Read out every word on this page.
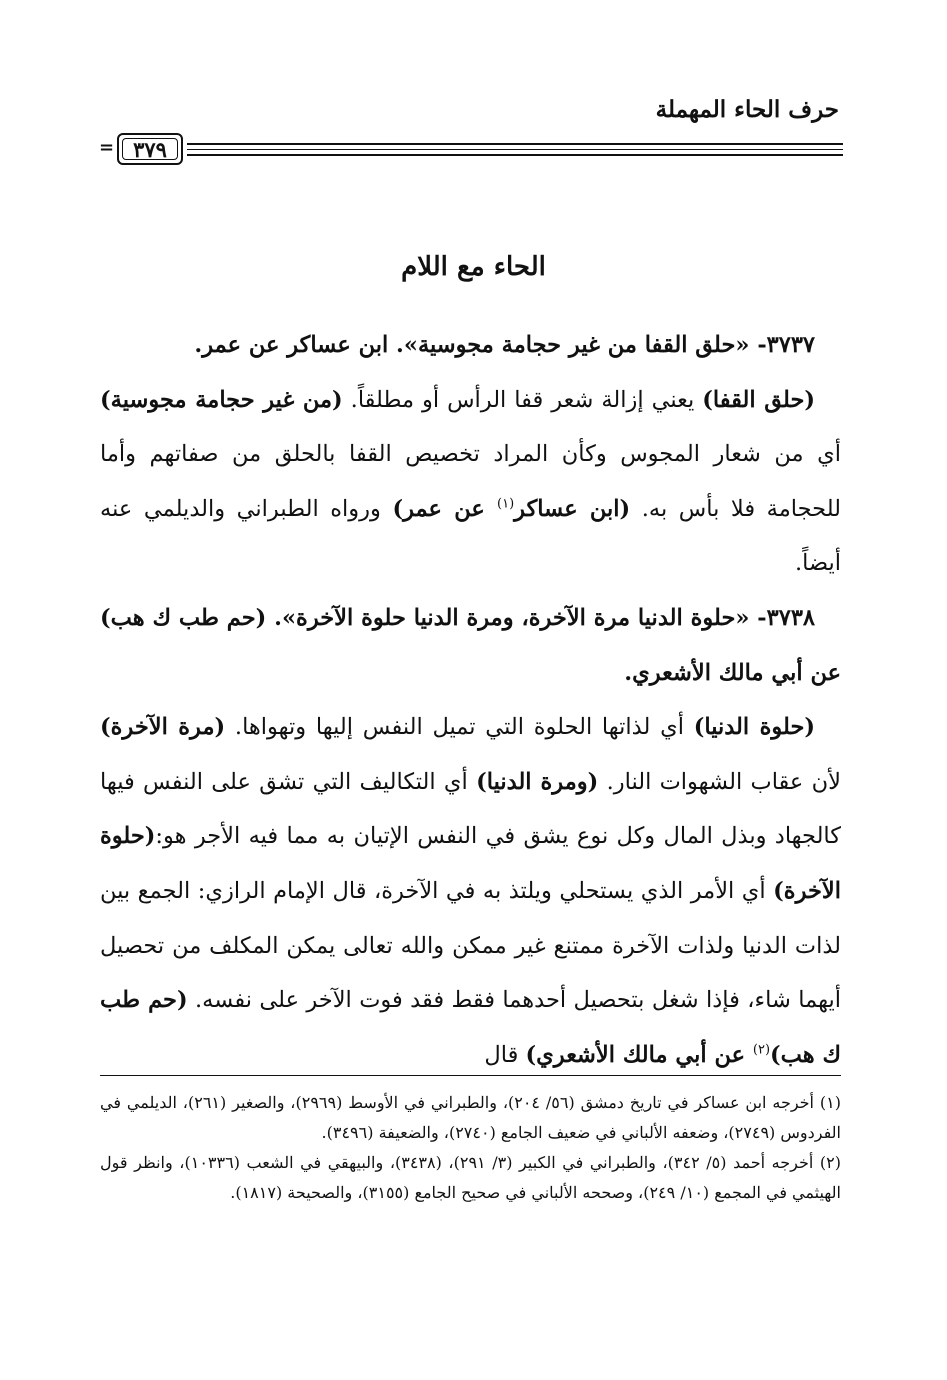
حرف الحاء المهملة
٣٧٩
=
الحاء مع اللام

٣٧٣٧- «حلق القفا من غير حجامة مجوسية». ابن عساكر عن عمر.

(حلق القفا) يعني إزالة شعر قفا الرأس أو مطلقاً. (من غير حجامة مجوسية) أي من شعار المجوس وكأن المراد تخصيص القفا بالحلق من صفاتهم وأما للحجامة فلا بأس به. (ابن عساكر$^{(١)}$ عن عمر) ورواه الطبراني والديلمي عنه أيضاً.

٣٧٣٨- «حلوة الدنيا مرة الآخرة، ومرة الدنيا حلوة الآخرة». (حم طب ك هب) عن أبي مالك الأشعري.

(حلوة الدنيا) أي لذاتها الحلوة التي تميل النفس إليها وتهواها. (مرة الآخرة) لأن عقاب الشهوات النار. (ومرة الدنيا) أي التكاليف التي تشق على النفس فيها كالجهاد وبذل المال وكل نوع يشق في النفس الإتيان به مما فيه الأجر هو:(حلوة الآخرة) أي الأمر الذي يستحلي ويلتذ به في الآخرة، قال الإمام الرازي: الجمع بين لذات الدنيا ولذات الآخرة ممتنع غير ممكن والله تعالى يمكن المكلف من تحصيل أيهما شاء، فإذا شغل بتحصيل أحدهما فقط فقد فوت الآخر على نفسه. (حم طب ك هب)$^{(٢)}$ عن أبي مالك الأشعري) قال

(١) أخرجه ابن عساكر في تاريخ دمشق (٥٦/ ٢٠٤)، والطبراني في الأوسط (٢٩٦٩)، والصغير (٢٦١)، الديلمي في الفردوس (٢٧٤٩)، وضعفه الألباني في ضعيف الجامع (٢٧٤٠)، والضعيفة (٣٤٩٦).

(٢) أخرجه أحمد (٥/ ٣٤٢)، والطبراني في الكبير (٣/ ٢٩١)، (٣٤٣٨)، والبيهقي في الشعب (١٠٣٣٦)، وانظر قول الهيثمي في المجمع (١٠/ ٢٤٩)، وصححه الألباني في صحيح الجامع (٣١٥٥)، والصحيحة (١٨١٧).
